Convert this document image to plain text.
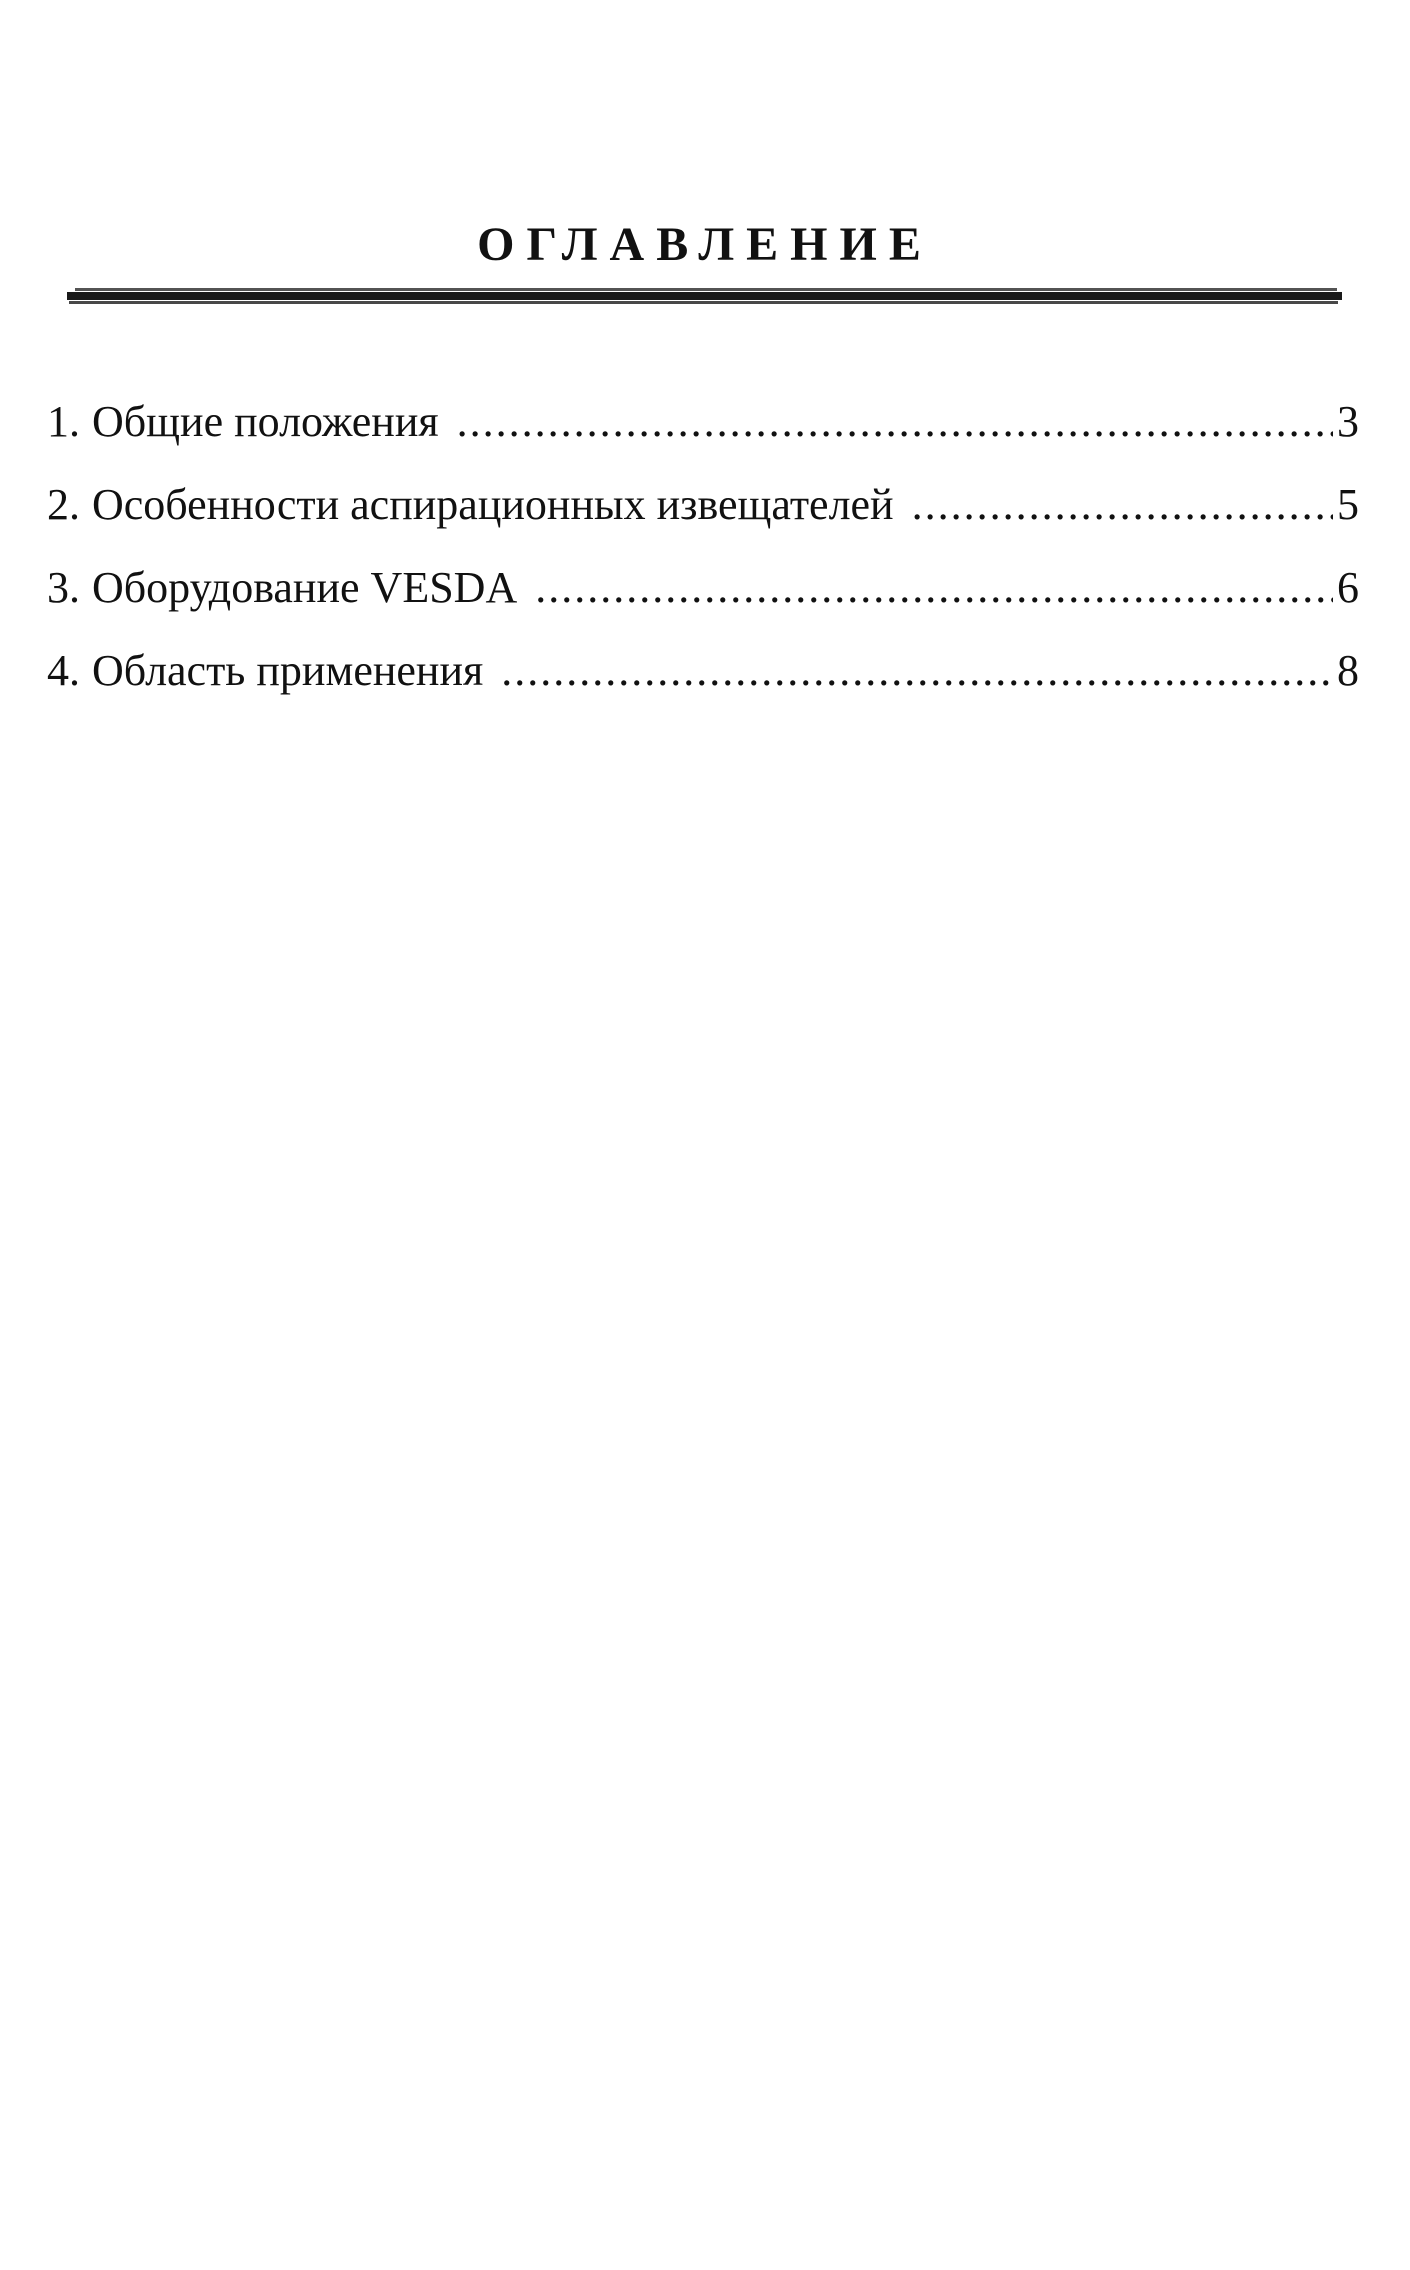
ОГЛАВЛЕНИЕ
1. Общие положения .....	3
2. Особенности аспирационных извещателей .....	5
3. Оборудование VESDA .....	6
4. Область применения .....	8
